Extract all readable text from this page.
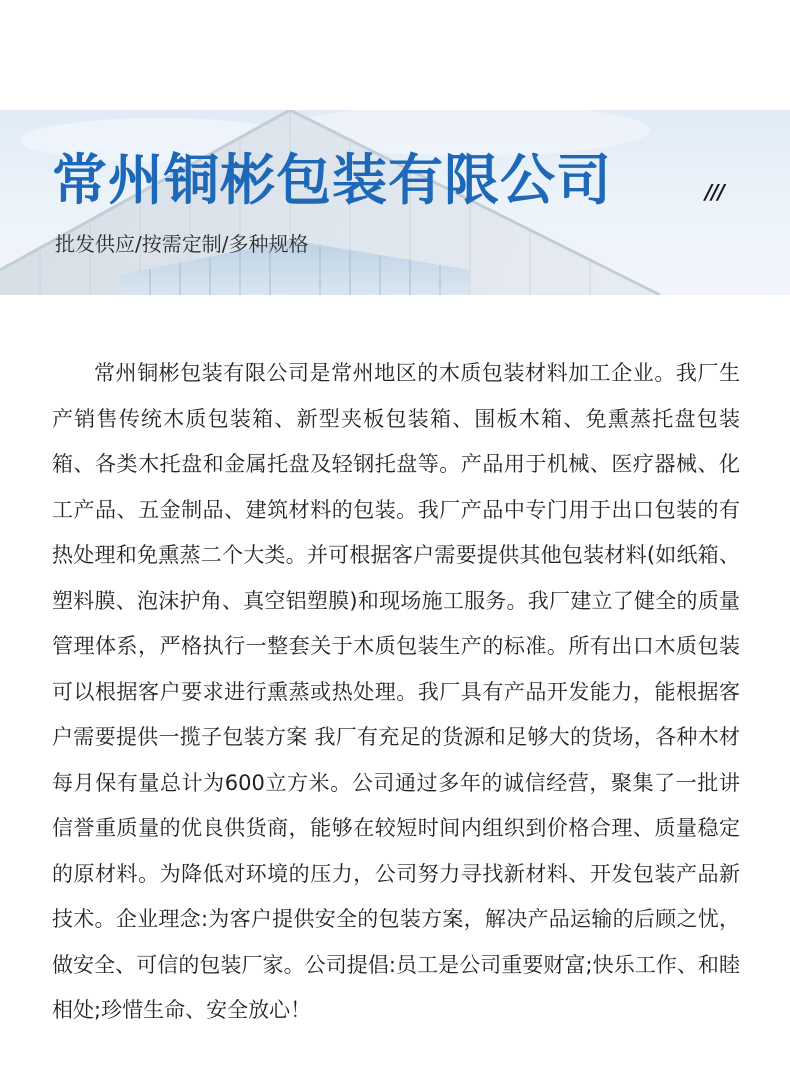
常州铜彬包装有限公司	///

批发供应/按需定制/多种规格

常州铜彬包装有限公司是常州地区的木质包装材料加工企业。我厂生产销售传统木质包装箱、新型夹板包装箱、围板木箱、免熏蒸托盘包装箱、各类木托盘和金属托盘及轻钢托盘等。产品用于机械、医疗器械、化工产品、五金制品、建筑材料的包装。我厂产品中专门用于出口包装的有热处理和免熏蒸二个大类。并可根据客户需要提供其他包装材料(如纸箱、塑料膜、泡沫护角、真空铝塑膜)和现场施工服务。我厂建立了健全的质量管理体系，严格执行一整套关于木质包装生产的标准。所有出口木质包装可以根据客户要求进行熏蒸或热处理。我厂具有产品开发能力，能根据客户需要提供一揽子包装方案 我厂有充足的货源和足够大的货场，各种木材每月保有量总计为600立方米。公司通过多年的诚信经营，聚集了一批讲信誉重质量的优良供货商，能够在较短时间内组织到价格合理、质量稳定的原材料。为降低对环境的压力，公司努力寻找新材料、开发包装产品新技术。企业理念:为客户提供安全的包装方案，解决产品运输的后顾之忧，做安全、可信的包装厂家。公司提倡:员工是公司重要财富;快乐工作、和睦相处;珍惜生命、安全放心！
